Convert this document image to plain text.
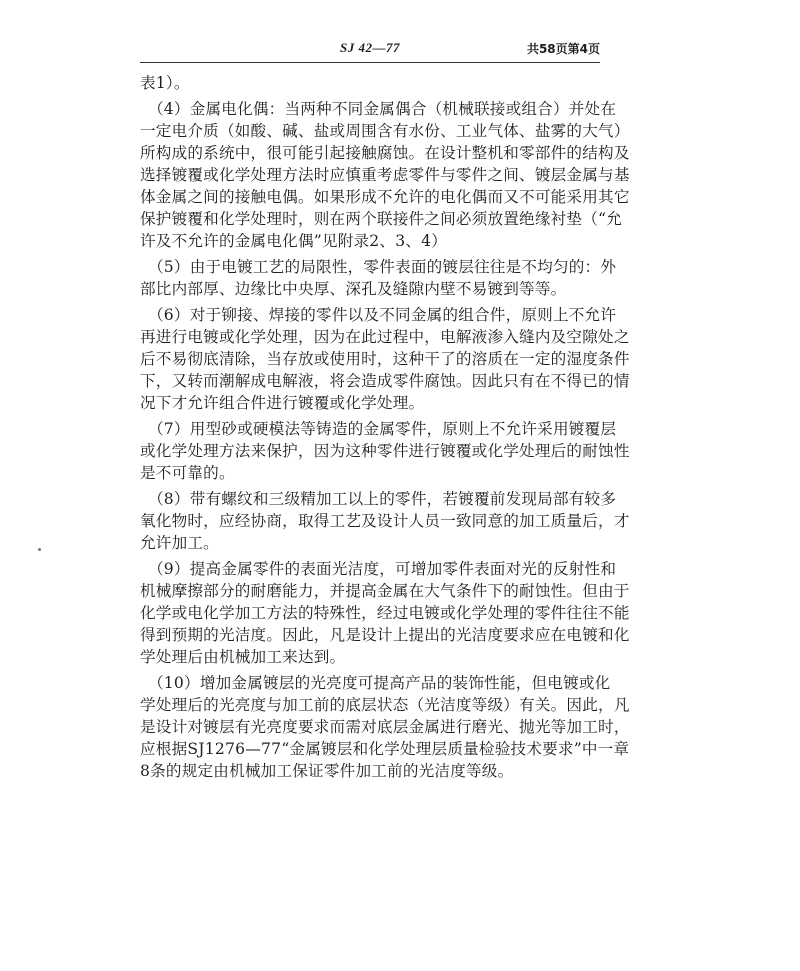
SJ 42—77	共58页第4页
表1）。
　（4）金属电化偶：当两种不同金属偶合（机械联接或组合）并处在
一定电介质（如酸、碱、盐或周围含有水份、工业气体、盐雾的大气）
所构成的系统中，很可能引起接触腐蚀。在设计整机和零部件的结构及
选择镀覆或化学处理方法时应慎重考虑零件与零件之间、镀层金属与基
体金属之间的接触电偶。如果形成不允许的电化偶而又不可能采用其它
保护镀覆和化学处理时，则在两个联接件之间必须放置绝缘衬垫（“允
许及不允许的金属电化偶”见附录2、3、4）
　（5）由于电镀工艺的局限性，零件表面的镀层往往是不均匀的：外
部比内部厚、边缘比中央厚、深孔及缝隙内壁不易镀到等等。
　（6）对于铆接、焊接的零件以及不同金属的组合件，原则上不允许
再进行电镀或化学处理，因为在此过程中，电解液渗入缝内及空隙处之
后不易彻底清除，当存放或使用时，这种干了的溶质在一定的湿度条件
下，又转而潮解成电解液，将会造成零件腐蚀。因此只有在不得已的情
况下才允许组合件进行镀覆或化学处理。
　（7）用型砂或硬模法等铸造的金属零件，原则上不允许采用镀覆层
或化学处理方法来保护，因为这种零件进行镀覆或化学处理后的耐蚀性
是不可靠的。
　（8）带有螺纹和三级精加工以上的零件，若镀覆前发现局部有较多
氧化物时，应经协商，取得工艺及设计人员一致同意的加工质量后，才
允许加工。
　（9）提高金属零件的表面光洁度，可增加零件表面对光的反射性和
机械摩擦部分的耐磨能力，并提高金属在大气条件下的耐蚀性。但由于
化学或电化学加工方法的特殊性，经过电镀或化学处理的零件往往不能
得到预期的光洁度。因此，凡是设计上提出的光洁度要求应在电镀和化
学处理后由机械加工来达到。
　（10）增加金属镀层的光亮度可提高产品的装饰性能，但电镀或化
学处理后的光亮度与加工前的底层状态（光洁度等级）有关。因此，凡
是设计对镀层有光亮度要求而需对底层金属进行磨光、抛光等加工时，
应根据SJ1276—77“金属镀层和化学处理层质量检验技术要求”中一章
8条的规定由机械加工保证零件加工前的光洁度等级。
